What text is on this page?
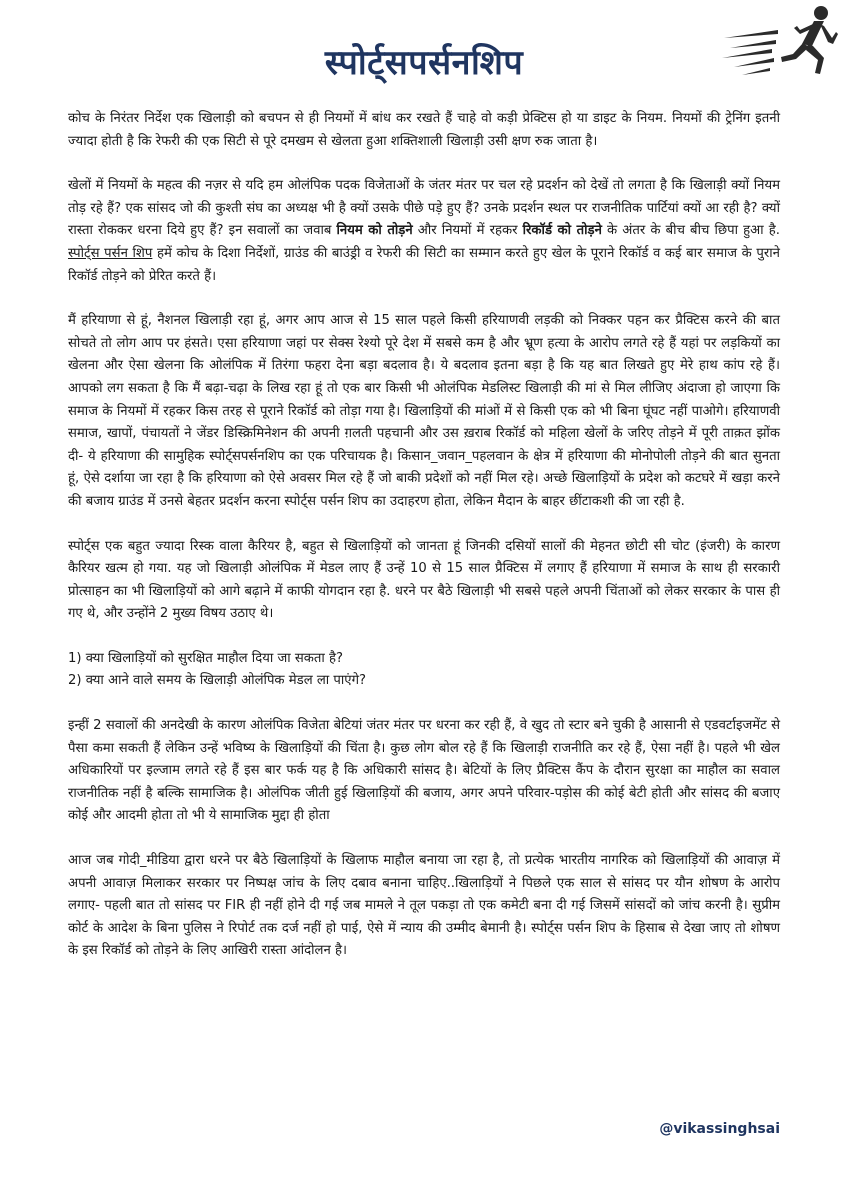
स्पोर्ट्सपर्सनशिप

कोच के निरंतर निर्देश एक खिलाड़ी को बचपन से ही नियमों में बांध कर रखते हैं चाहे वो कड़ी प्रेक्टिस हो या डाइट के नियम. नियमों की ट्रेनिंग इतनी ज्यादा होती है कि रेफरी की एक सिटी से पूरे दमखम से खेलता हुआ शक्तिशाली खिलाड़ी उसी क्षण रुक जाता है।

खेलों में नियमों के महत्व की नज़र से यदि हम ओलंपिक पदक विजेताओं के जंतर मंतर पर चल रहे प्रदर्शन को देखें तो लगता है कि खिलाड़ी क्यों नियम तोड़ रहे हैं? एक सांसद जो की कुश्ती संघ का अध्यक्ष भी है क्यों उसके पीछे पड़े हुए हैं? उनके प्रदर्शन स्थल पर राजनीतिक पार्टियां क्यों आ रही है? क्यों रास्ता रोककर धरना दिये हुए हैं? इन सवालों का जवाब नियम को तोड़ने और नियमों में रहकर रिकॉर्ड को तोड़ने के अंतर के बीच बीच छिपा हुआ है. स्पोर्ट्स पर्सन शिप हमें कोच के दिशा निर्देशों, ग्राउंड की बाउंड्री व रेफरी की सिटी का सम्मान करते हुए खेल के पूराने रिकॉर्ड व कई बार समाज के पुराने रिकॉर्ड तोड़ने को प्रेरित करते हैं।

मैं हरियाणा से हूं, नैशनल खिलाड़ी रहा हूं, अगर आप आज से 15 साल पहले किसी हरियाणवी लड़की को निक्कर पहन कर प्रैक्टिस करने की बात सोचते तो लोग आप पर हंसते। एसा हरियाणा जहां पर सेक्स रेश्यो पूरे देश में सबसे कम है और भ्रूण हत्या के आरोप लगते रहे हैं यहां पर लड़कियों का खेलना और ऐसा खेलना कि ओलंपिक में तिरंगा फहरा देना बड़ा बदलाव है। ये बदलाव इतना बड़ा है कि यह बात लिखते हुए मेरे हाथ कांप रहे हैं। आपको लग सकता है कि मैं बढ़ा-चढ़ा के लिख रहा हूं तो एक बार किसी भी ओलंपिक मेडलिस्ट खिलाड़ी की मां से मिल लीजिए अंदाजा हो जाएगा कि समाज के नियमों में रहकर किस तरह से पूराने रिकॉर्ड को तोड़ा गया है। खिलाड़ियों की मांओं में से किसी एक को भी बिना घूंघट नहीं पाओगे। हरियाणवी समाज, खापों, पंचायतों ने जेंडर डिस्क्रिमिनेशन की अपनी ग़लती पहचानी और उस ख़राब रिकॉर्ड को महिला खेलों के जरिए तोड़ने में पूरी ताक़त झोंक दी- ये हरियाणा की सामुहिक स्पोर्ट्सपर्सनशिप का एक परिचायक है। किसान_जवान_पहलवान के क्षेत्र में हरियाणा की मोनोपोली तोड़ने की बात सुनता हूं, ऐसे दर्शाया जा रहा है कि हरियाणा को ऐसे अवसर मिल रहे हैं जो बाकी प्रदेशों को नहीं मिल रहे। अच्छे खिलाड़ियों के प्रदेश को कटघरे में खड़ा करने की बजाय ग्राउंड में उनसे बेहतर प्रदर्शन करना स्पोर्ट्स पर्सन शिप का उदाहरण होता, लेकिन मैदान के बाहर छींटाकशी की जा रही है.

स्पोर्ट्स एक बहुत ज्यादा रिस्क वाला कैरियर है, बहुत से खिलाड़ियों को जानता हूं जिनकी दसियों सालों की मेहनत छोटी सी चोट (इंजरी) के कारण कैरियर खत्म हो गया. यह जो खिलाड़ी ओलंपिक में मेडल लाए हैं उन्हें 10 से 15 साल प्रैक्टिस में लगाए हैं हरियाणा में समाज के साथ ही सरकारी प्रोत्साहन का भी खिलाड़ियों को आगे बढ़ाने में काफी योगदान रहा है. धरने पर बैठे खिलाड़ी भी सबसे पहले अपनी चिंताओं को लेकर सरकार के पास ही गए थे, और उन्होंने 2 मुख्य विषय उठाए थे।

1) क्या खिलाड़ियों को सुरक्षित माहौल दिया जा सकता है?

2) क्या आने वाले समय के खिलाड़ी ओलंपिक मेडल ला पाएंगे?

इन्हीं 2 सवालों की अनदेखी के कारण ओलंपिक विजेता बेटियां जंतर मंतर पर धरना कर रही हैं, वे खुद तो स्टार बने चुकी है आसानी से एडवर्टाइजमेंट से पैसा कमा सकती हैं लेकिन उन्हें भविष्य के खिलाड़ियों की चिंता है। कुछ लोग बोल रहे हैं कि खिलाड़ी राजनीति कर रहे हैं, ऐसा नहीं है। पहले भी खेल अधिकारियों पर इल्जाम लगते रहे हैं इस बार फर्क यह है कि अधिकारी सांसद है। बेटियों के लिए प्रैक्टिस कैंप के दौरान सुरक्षा का माहौल का सवाल राजनीतिक नहीं है बल्कि सामाजिक है। ओलंपिक जीती हुई खिलाड़ियों की बजाय, अगर अपने परिवार-पड़ोस की कोई बेटी होती और सांसद की बजाए कोई और आदमी होता तो भी ये सामाजिक मुद्दा ही होता

आज जब गोदी_मीडिया द्वारा धरने पर बैठे खिलाड़ियों के खिलाफ माहौल बनाया जा रहा है, तो प्रत्येक भारतीय नागरिक को खिलाड़ियों की आवाज़ में अपनी आवाज़ मिलाकर सरकार पर निष्पक्ष जांच के लिए दबाव बनाना चाहिए..खिलाड़ियों ने पिछले एक साल से सांसद पर यौन शोषण के आरोप लगाए- पहली बात तो सांसद पर FIR ही नहीं होने दी गई जब मामले ने तूल पकड़ा तो एक कमेटी बना दी गई जिसमें सांसदों को जांच करनी है। सुप्रीम कोर्ट के आदेश के बिना पुलिस ने रिपोर्ट तक दर्ज नहीं हो पाई, ऐसे में न्याय की उम्मीद बेमानी है। स्पोर्ट्स पर्सन शिप के हिसाब से देखा जाए तो शोषण के इस रिकॉर्ड को तोड़ने के लिए आखिरी रास्ता आंदोलन है।

@vikassinghsai
